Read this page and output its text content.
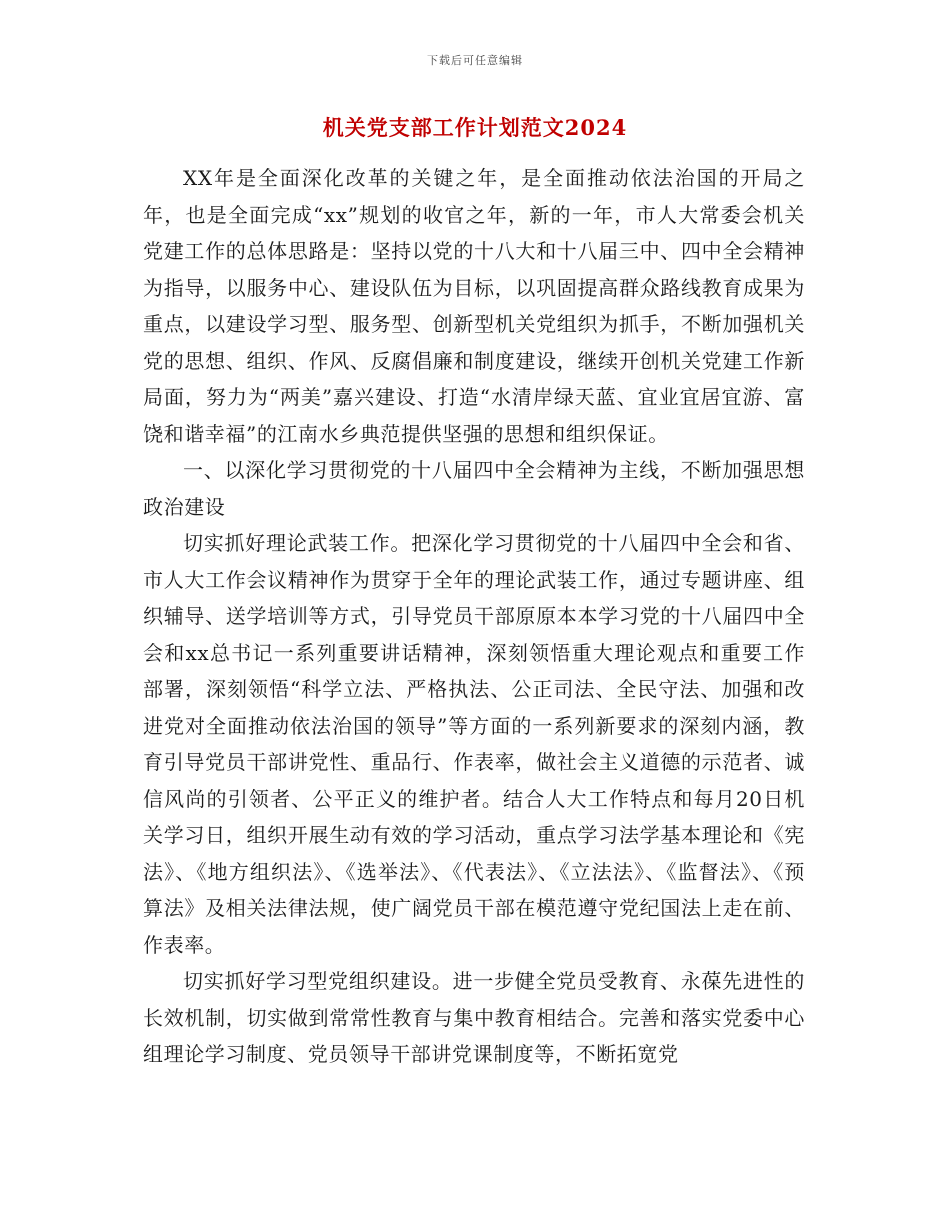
下载后可任意编辑
机关党支部工作计划范文2024

XX年是全面深化改革的关键之年，是全面推动依法治国的开局之年，也是全面完成“xx”规划的收官之年，新的一年，市人大常委会机关党建工作的总体思路是：坚持以党的十八大和十八届三中、四中全会精神为指导，以服务中心、建设队伍为目标，以巩固提高群众路线教育成果为重点，以建设学习型、服务型、创新型机关党组织为抓手，不断加强机关党的思想、组织、作风、反腐倡廉和制度建设，继续开创机关党建工作新局面，努力为“两美”嘉兴建设、打造“水清岸绿天蓝、宜业宜居宜游、富饶和谐幸福”的江南水乡典范提供坚强的思想和组织保证。

一、以深化学习贯彻党的十八届四中全会精神为主线，不断加强思想政治建设

切实抓好理论武装工作。把深化学习贯彻党的十八届四中全会和省、市人大工作会议精神作为贯穿于全年的理论武装工作，通过专题讲座、组织辅导、送学培训等方式，引导党员干部原原本本学习党的十八届四中全会和xx总书记一系列重要讲话精神，深刻领悟重大理论观点和重要工作部署，深刻领悟“科学立法、严格执法、公正司法、全民守法、加强和改进党对全面推动依法治国的领导”等方面的一系列新要求的深刻内涵，教育引导党员干部讲党性、重品行、作表率，做社会主义道德的示范者、诚信风尚的引领者、公平正义的维护者。结合人大工作特点和每月20日机关学习日，组织开展生动有效的学习活动，重点学习法学基本理论和《宪法》、《地方组织法》、《选举法》、《代表法》、《立法法》、《监督法》、《预算法》及相关法律法规，使广阔党员干部在模范遵守党纪国法上走在前、作表率。

切实抓好学习型党组织建设。进一步健全党员受教育、永葆先进性的长效机制，切实做到常常性教育与集中教育相结合。完善和落实党委中心组理论学习制度、党员领导干部讲党课制度等，不断拓宽党
